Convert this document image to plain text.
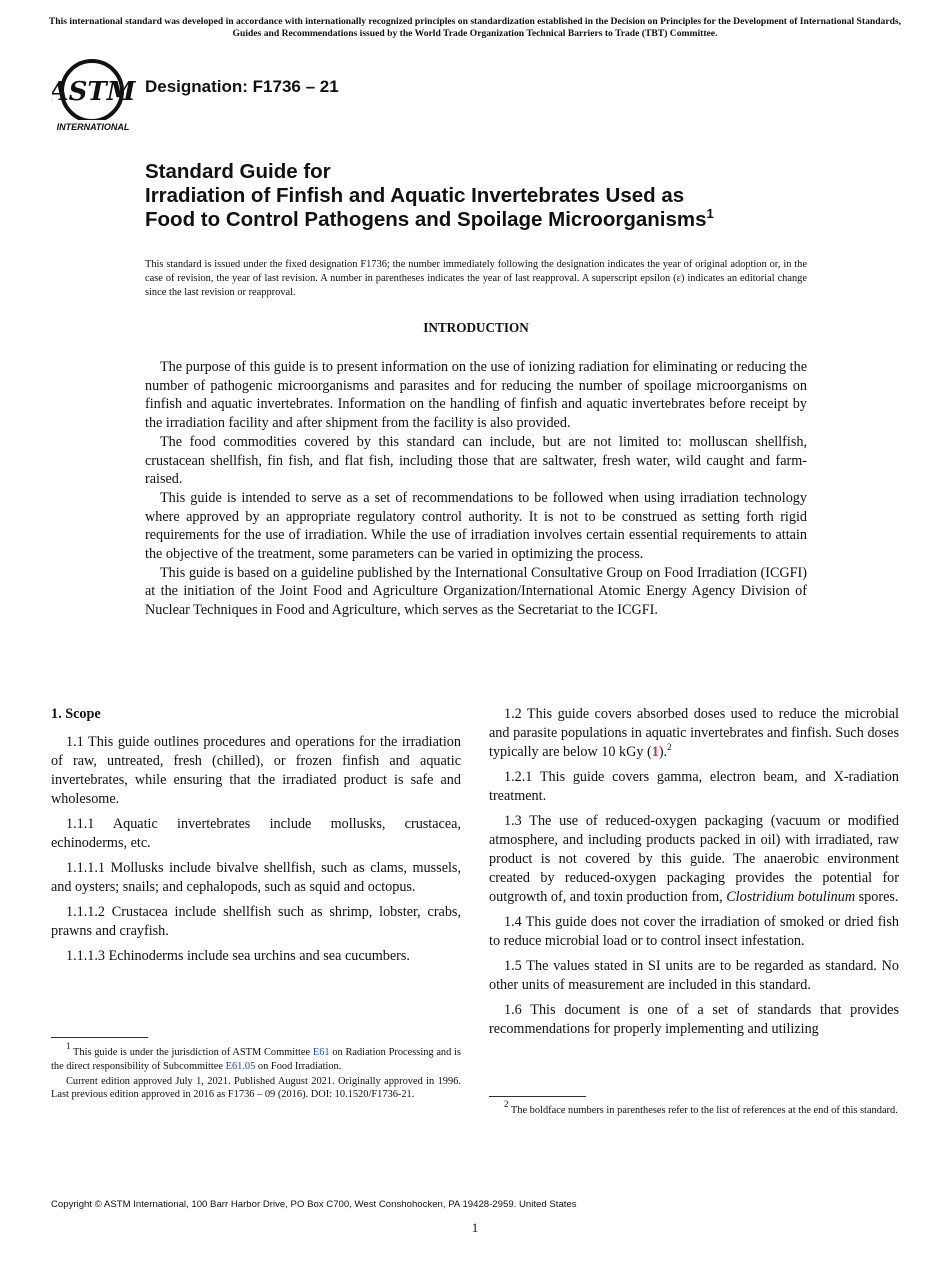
This international standard was developed in accordance with internationally recognized principles on standardization established in the Decision on Principles for the Development of International Standards, Guides and Recommendations issued by the World Trade Organization Technical Barriers to Trade (TBT) Committee.
ASTM
INTERNATIONAL
Designation: F1736 – 21
Standard Guide for
Irradiation of Finfish and Aquatic Invertebrates Used as
Food to Control Pathogens and Spoilage Microorganisms$^1$
This standard is issued under the fixed designation F1736; the number immediately following the designation indicates the year of original adoption or, in the case of revision, the year of last revision. A number in parentheses indicates the year of last reapproval. A superscript epsilon (ε) indicates an editorial change since the last revision or reapproval.
INTRODUCTION

The purpose of this guide is to present information on the use of ionizing radiation for eliminating or reducing the number of pathogenic microorganisms and parasites and for reducing the number of spoilage microorganisms on finfish and aquatic invertebrates. Information on the handling of finfish and aquatic invertebrates before receipt by the irradiation facility and after shipment from the facility is also provided.

The food commodities covered by this standard can include, but are not limited to: molluscan shellfish, crustacean shellfish, fin fish, and flat fish, including those that are saltwater, fresh water, wild caught and farm-raised.

This guide is intended to serve as a set of recommendations to be followed when using irradiation technology where approved by an appropriate regulatory control authority. It is not to be construed as setting forth rigid requirements for the use of irradiation. While the use of irradiation involves certain essential requirements to attain the objective of the treatment, some parameters can be varied in optimizing the process.

This guide is based on a guideline published by the International Consultative Group on Food Irradiation (ICGFI) at the initiation of the Joint Food and Agriculture Organization/International Atomic Energy Agency Division of Nuclear Techniques in Food and Agriculture, which serves as the Secretariat to the ICGFI.

1. Scope

1.1 This guide outlines procedures and operations for the irradiation of raw, untreated, fresh (chilled), or frozen finfish and aquatic invertebrates, while ensuring that the irradiated product is safe and wholesome.

1.1.1 Aquatic invertebrates include mollusks, crustacea, echinoderms, etc.

1.1.1.1 Mollusks include bivalve shellfish, such as clams, mussels, and oysters; snails; and cephalopods, such as squid and octopus.

1.1.1.2 Crustacea include shellfish such as shrimp, lobster, crabs, prawns and crayfish.

1.1.1.3 Echinoderms include sea urchins and sea cucumbers.

1.2 This guide covers absorbed doses used to reduce the microbial and parasite populations in aquatic invertebrates and finfish. Such doses typically are below 10 kGy (1).$^2$

1.2.1 This guide covers gamma, electron beam, and X-radiation treatment.

1.3 The use of reduced-oxygen packaging (vacuum or modified atmosphere, and including products packed in oil) with irradiated, raw product is not covered by this guide. The anaerobic environment created by reduced-oxygen packaging provides the potential for outgrowth of, and toxin production from, Clostridium botulinum spores.

1.4 This guide does not cover the irradiation of smoked or dried fish to reduce microbial load or to control insect infestation.

1.5 The values stated in SI units are to be regarded as standard. No other units of measurement are included in this standard.

1.6 This document is one of a set of standards that provides recommendations for properly implementing and utilizing

1 This guide is under the jurisdiction of ASTM Committee E61 on Radiation Processing and is the direct responsibility of Subcommittee E61.05 on Food Irradiation.

Current edition approved July 1, 2021. Published August 2021. Originally approved in 1996. Last previous edition approved in 2016 as F1736 – 09 (2016). DOI: 10.1520/F1736-21.

2 The boldface numbers in parentheses refer to the list of references at the end of this standard.

Copyright © ASTM International, 100 Barr Harbor Drive, PO Box C700, West Conshohocken, PA 19428-2959. United States
1
